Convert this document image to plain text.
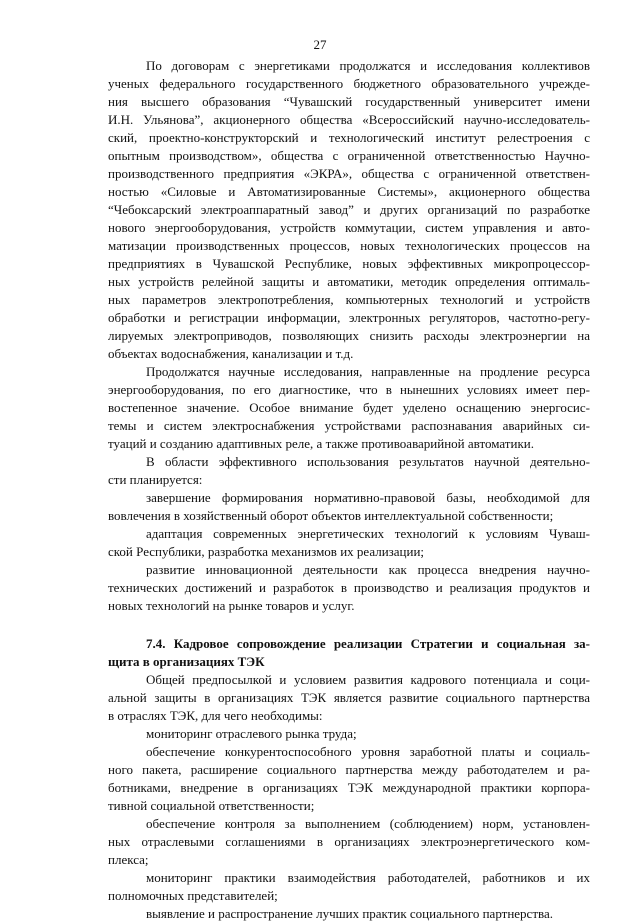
27
По договорам с энергетиками продолжатся и исследования коллективов
ученых федерального государственного бюджетного образовательного учрежде-
ния высшего образования “Чувашский государственный университет имени
И.Н. Ульянова”, акционерного общества «Всероссийский научно-исследователь-
ский, проектно-конструкторский и технологический институт релестроения с
опытным производством», общества с ограниченной ответственностью Научно-
производственного предприятия «ЭКРА», общества с ограниченной ответствен-
ностью «Силовые и Автоматизированные Системы», акционерного общества
“Чебоксарский электроаппаратный завод” и других организаций по разработке
нового энергооборудования, устройств коммутации, систем управления и авто-
матизации производственных процессов, новых технологических процессов на
предприятиях в Чувашской Республике, новых эффективных микропроцессор-
ных устройств релейной защиты и автоматики, методик определения оптималь-
ных параметров электропотребления, компьютерных технологий и устройств
обработки и регистрации информации, электронных регуляторов, частотно-регу-
лируемых электроприводов, позволяющих снизить расходы электроэнергии на
объектах водоснабжения, канализации и т.д.
Продолжатся научные исследования, направленные на продление ресурса
энергооборудования, по его диагностике, что в нынешних условиях имеет пер-
востепенное значение. Особое внимание будет уделено оснащению энергосис-
темы и систем электроснабжения устройствами распознавания аварийных си-
туаций и созданию адаптивных реле, а также противоаварийной автоматики.
В области эффективного использования результатов научной деятельно-
сти планируется:
завершение формирования нормативно-правовой базы, необходимой для
вовлечения в хозяйственный оборот объектов интеллектуальной собственности;
адаптация современных энергетических технологий к условиям Чуваш-
ской Республики, разработка механизмов их реализации;
развитие инновационной деятельности как процесса внедрения научно-
технических достижений и разработок в производство и реализация продуктов и
новых технологий на рынке товаров и услуг.
7.4. Кадровое сопровождение реализации Стратегии и социальная за-
щита в организациях ТЭК
Общей предпосылкой и условием развития кадрового потенциала и соци-
альной защиты в организациях ТЭК является развитие социального партнерства
в отраслях ТЭК, для чего необходимы:
мониторинг отраслевого рынка труда;
обеспечение конкурентоспособного уровня заработной платы и социаль-
ного пакета, расширение социального партнерства между работодателем и ра-
ботниками, внедрение в организациях ТЭК международной практики корпора-
тивной социальной ответственности;
обеспечение контроля за выполнением (соблюдением) норм, установлен-
ных отраслевыми соглашениями в организациях электроэнергетического ком-
плекса;
мониторинг практики взаимодействия работодателей, работников и их
полномочных представителей;
выявление и распространение лучших практик социального партнерства.
